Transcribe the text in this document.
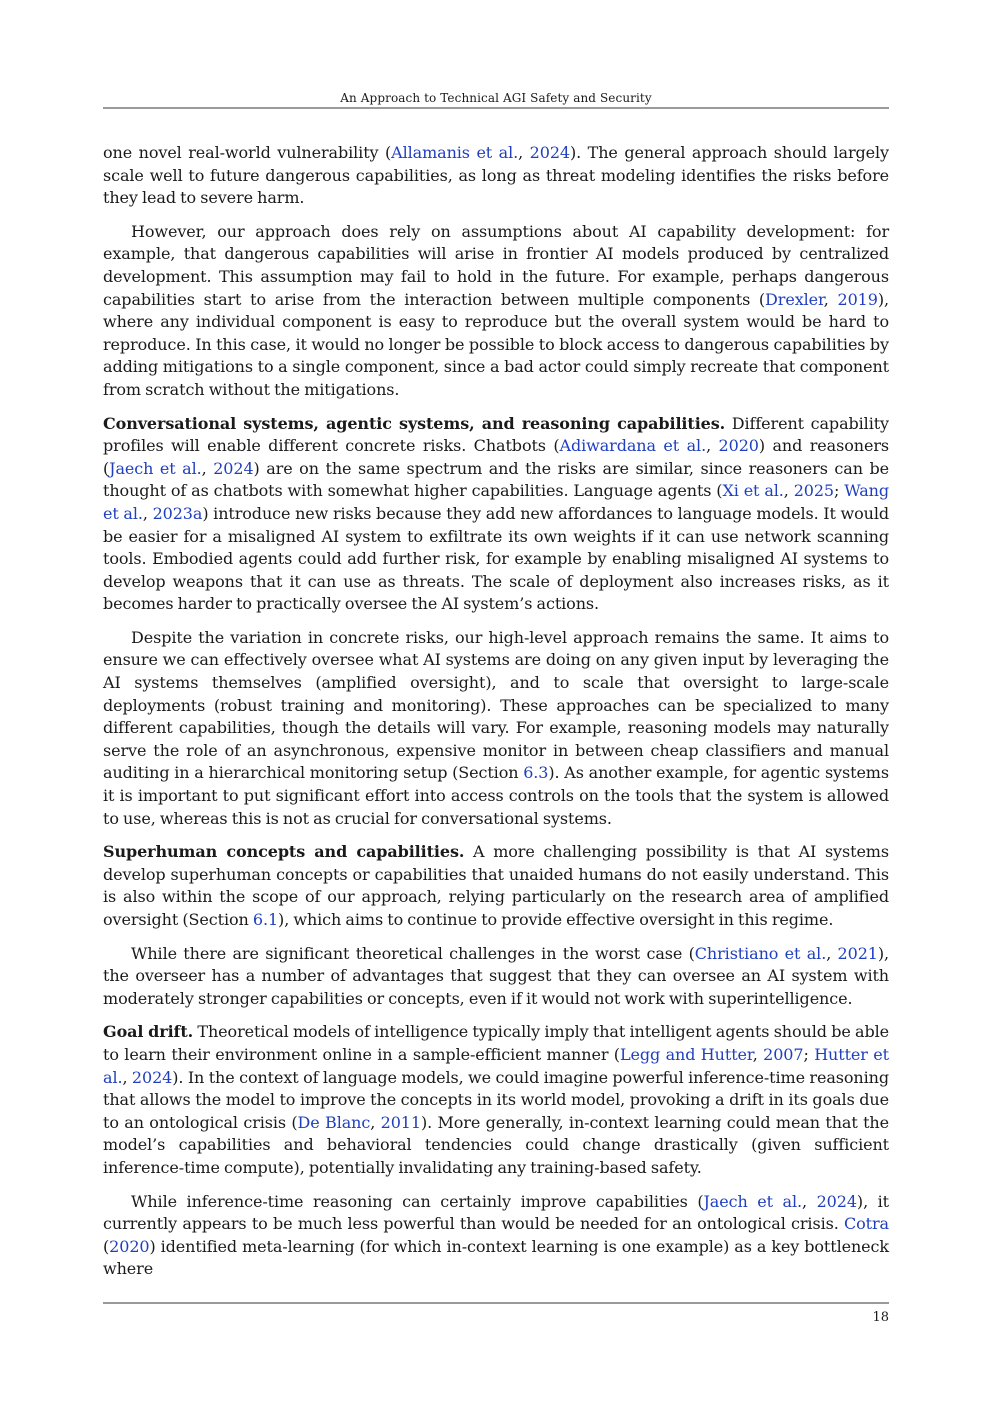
An Approach to Technical AGI Safety and Security

one novel real-world vulnerability (Allamanis et al., 2024). The general approach should largely scale well to future dangerous capabilities, as long as threat modeling identifies the risks before they lead to severe harm.

However, our approach does rely on assumptions about AI capability development: for example, that dangerous capabilities will arise in frontier AI models produced by centralized development. This assumption may fail to hold in the future. For example, perhaps dangerous capabilities start to arise from the interaction between multiple components (Drexler, 2019), where any individual component is easy to reproduce but the overall system would be hard to reproduce. In this case, it would no longer be possible to block access to dangerous capabilities by adding mitigations to a single component, since a bad actor could simply recreate that component from scratch without the mitigations.

Conversational systems, agentic systems, and reasoning capabilities. Different capability profiles will enable different concrete risks. Chatbots (Adiwardana et al., 2020) and reasoners (Jaech et al., 2024) are on the same spectrum and the risks are similar, since reasoners can be thought of as chatbots with somewhat higher capabilities. Language agents (Xi et al., 2025; Wang et al., 2023a) introduce new risks because they add new affordances to language models. It would be easier for a misaligned AI system to exfiltrate its own weights if it can use network scanning tools. Embodied agents could add further risk, for example by enabling misaligned AI systems to develop weapons that it can use as threats. The scale of deployment also increases risks, as it becomes harder to practically oversee the AI system’s actions.

Despite the variation in concrete risks, our high-level approach remains the same. It aims to ensure we can effectively oversee what AI systems are doing on any given input by leveraging the AI systems themselves (amplified oversight), and to scale that oversight to large-scale deployments (robust training and monitoring). These approaches can be specialized to many different capabilities, though the details will vary. For example, reasoning models may naturally serve the role of an asynchronous, expensive monitor in between cheap classifiers and manual auditing in a hierarchical monitoring setup (Section 6.3). As another example, for agentic systems it is important to put significant effort into access controls on the tools that the system is allowed to use, whereas this is not as crucial for conversational systems.

Superhuman concepts and capabilities. A more challenging possibility is that AI systems develop superhuman concepts or capabilities that unaided humans do not easily understand. This is also within the scope of our approach, relying particularly on the research area of amplified oversight (Section 6.1), which aims to continue to provide effective oversight in this regime.

While there are significant theoretical challenges in the worst case (Christiano et al., 2021), the overseer has a number of advantages that suggest that they can oversee an AI system with moderately stronger capabilities or concepts, even if it would not work with superintelligence.

Goal drift. Theoretical models of intelligence typically imply that intelligent agents should be able to learn their environment online in a sample-efficient manner (Legg and Hutter, 2007; Hutter et al., 2024). In the context of language models, we could imagine powerful inference-time reasoning that allows the model to improve the concepts in its world model, provoking a drift in its goals due to an ontological crisis (De Blanc, 2011). More generally, in-context learning could mean that the model’s capabilities and behavioral tendencies could change drastically (given sufficient inference-time compute), potentially invalidating any training-based safety.

While inference-time reasoning can certainly improve capabilities (Jaech et al., 2024), it currently appears to be much less powerful than would be needed for an ontological crisis. Cotra (2020) identified meta-learning (for which in-context learning is one example) as a key bottleneck where

18
